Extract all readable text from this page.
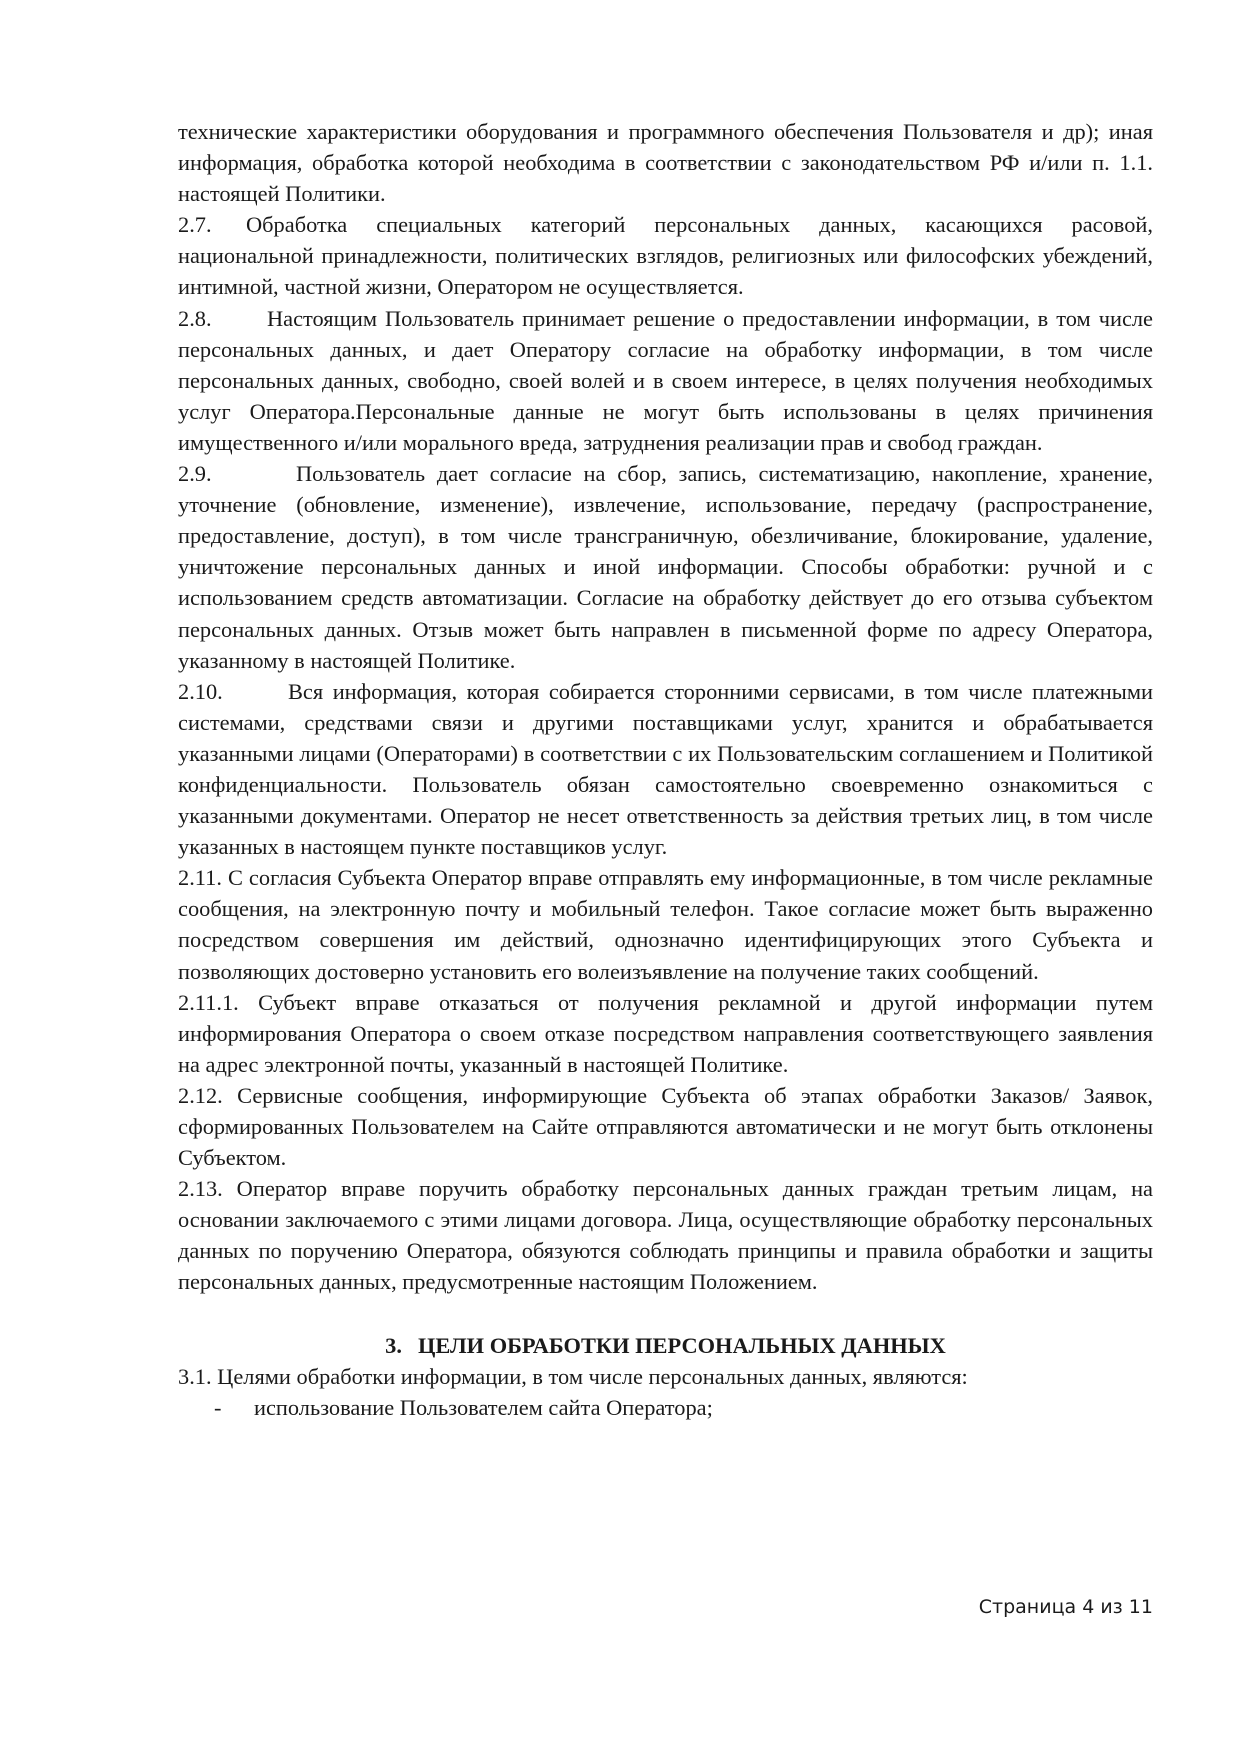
технические характеристики оборудования и программного обеспечения Пользователя и др); иная информация, обработка которой необходима в соответствии с законодательством РФ и/или п. 1.1. настоящей Политики.

2.7. Обработка специальных категорий персональных данных, касающихся расовой, национальной принадлежности, политических взглядов, религиозных или философских убеждений, интимной, частной жизни, Оператором не осуществляется.

2.8. Настоящим Пользователь принимает решение о предоставлении информации, в том числе персональных данных, и дает Оператору согласие на обработку информации, в том числе персональных данных, свободно, своей волей и в своем интересе, в целях получения необходимых услуг Оператора.Персональные данные не могут быть использованы в целях причинения имущественного и/или морального вреда, затруднения реализации прав и свобод граждан.

2.9.	Пользователь дает согласие на сбор, запись, систематизацию, накопление, хранение, уточнение (обновление, изменение), извлечение, использование, передачу (распространение, предоставление, доступ), в том числе трансграничную, обезличивание, блокирование, удаление, уничтожение персональных данных и иной информации. Способы обработки: ручной и с использованием средств автоматизации. Согласие на обработку действует до его отзыва субъектом персональных данных. Отзыв может быть направлен в письменной форме по адресу Оператора, указанному в настоящей Политике.

2.10.	Вся информация, которая собирается сторонними сервисами, в том числе платежными системами, средствами связи и другими поставщиками услуг, хранится и обрабатывается указанными лицами (Операторами) в соответствии с их Пользовательским соглашением и Политикой конфиденциальности. Пользователь обязан самостоятельно своевременно ознакомиться с указанными документами. Оператор не несет ответственность за действия третьих лиц, в том числе указанных в настоящем пункте поставщиков услуг.

2.11. С согласия Субъекта Оператор вправе отправлять ему информационные, в том числе рекламные сообщения, на электронную почту и мобильный телефон. Такое согласие может быть выраженно посредством совершения им действий, однозначно идентифицирующих этого Субъекта и позволяющих достоверно установить его волеизъявление на получение таких сообщений.

2.11.1. Субъект вправе отказаться от получения рекламной и другой информации путем информирования Оператора о своем отказе посредством направления соответствующего заявления на адрес электронной почты, указанный в настоящей Политике.

2.12. Сервисные сообщения, информирующие Субъекта об этапах обработки Заказов/ Заявок, сформированных Пользователем на Сайте отправляются автоматически и не могут быть отклонены Субъектом.

2.13. Оператор вправе поручить обработку персональных данных граждан третьим лицам, на основании заключаемого с этими лицами договора. Лица, осуществляющие обработку персональных данных по поручению Оператора, обязуются соблюдать принципы и правила обработки и защиты персональных данных, предусмотренные настоящим Положением.

3. ЦЕЛИ ОБРАБОТКИ ПЕРСОНАЛЬНЫХ ДАННЫХ

3.1. Целями обработки информации, в том числе персональных данных, являются:

- использование Пользователем сайта Оператора;

Страница 4 из 11
